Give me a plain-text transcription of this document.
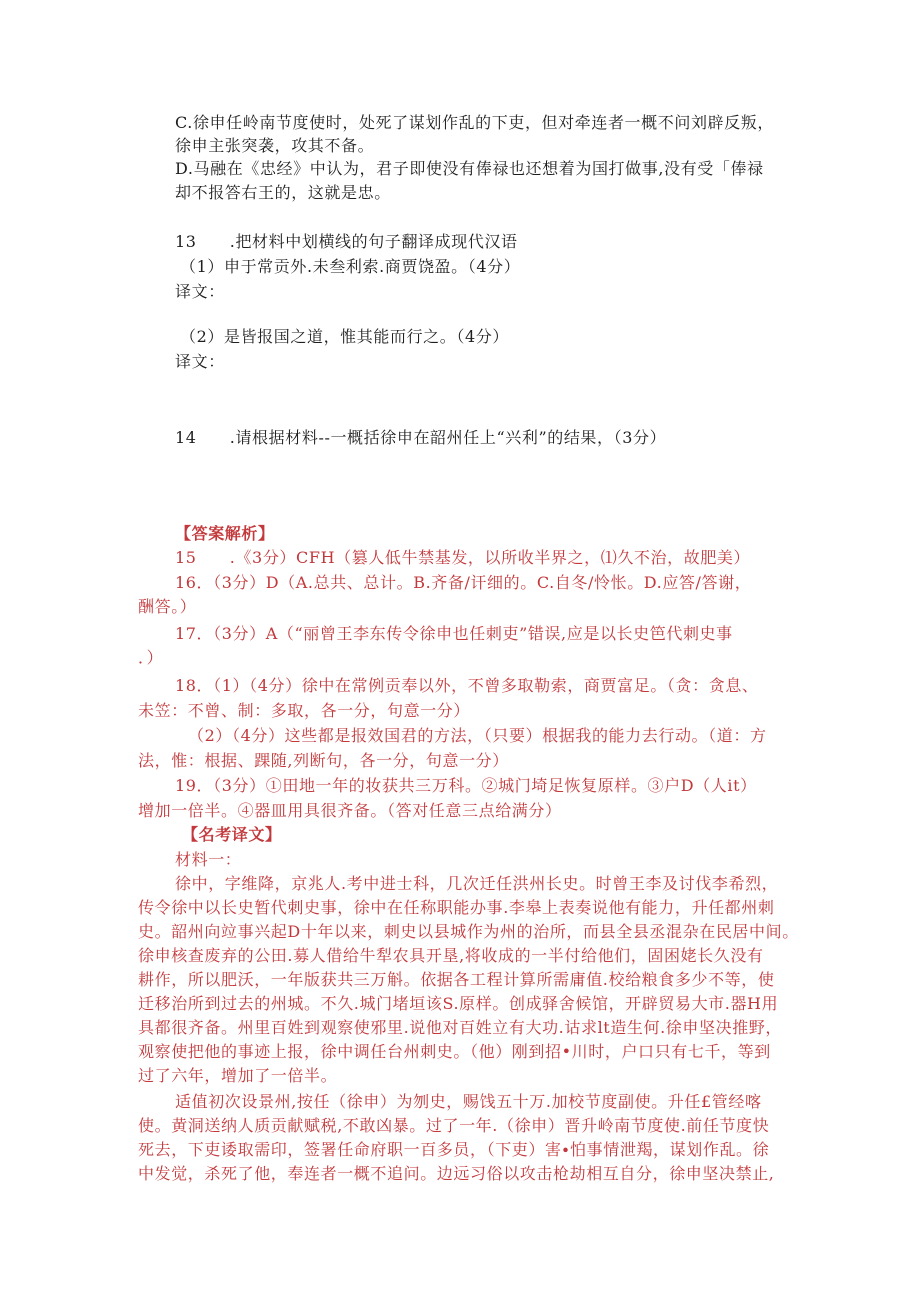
C.徐申任岭南节度使时，处死了谋划作乱的下吏，但对牵连者一概不问刘辟反叛，
徐申主张突袭，攻其不备。
D.马融在《忠经》中认为，君子即使没有俸禄也还想着为国打做事,没有受「俸禄
却不报答右王的，这就是忠。
13　　.把材料中划横线的句子翻译成现代汉语
（1）申于常贡外.未叁利索.商贾饶盈。（4分）
译文：
（2）是皆报国之道，惟其能而行之。（4分）
译文：
14　　.请根据材料--一概括徐申在韶州任上“兴利”的结果，（3分）
【答案解析】
15　　.《3分）CFH（篡人低牛禁基发，以所收半界之，⑴久不治，故肥美）
16．（3分）D（A.总共、总计。B.齐备/讦细的。C.自冬/怜怅。D.应答/答谢，
酬答。）
17．（3分）A（“丽曾王李东传令徐申也任刺吏”错误,应是以长史笆代刺史事
．）
18．（1）（4分）徐中在常例贡奉以外，不曾多取勒索，商贾富足。（贪：贪息、
未笠：不曾、制：多取，各一分，句意一分）
（2）（4分）这些都是报效国君的方法，（只要）根据我的能力去行动。（道：方
法，惟：根据、踝随,列断句，各一分，句意一分）
19．（3分）①田地一年的妆获共三万科。②城门埼足恢复原样。③户D（人it）
增加一倍半。④器皿用具很齐备。（答对任意三点给满分）
【名考译文】
材料一：
徐中，字维降，京兆人.考中进士科，几次迁任洪州长史。时曾王李及讨伐李希烈，
传令徐中以长史暂代刺史事，徐中在任称职能办事.李皋上表奏说他有能力，升任都州刺
史。韶州向竝事兴起D十年以来，刺史以县城作为州的治所，而县全县丞混杂在民居中间。
徐申核查废弃的公田.募人借给牛犁农具开垦,将收成的一半付给他们，固困姥长久没有
耕作，所以肥沃，一年版获共三万斛。依据各工程计算所需庸值.校给粮食多少不等，使
迁移治所到过去的州城。不久.城门堵垣该S.原样。创成驿舍候馆，开辟贸易大市.器H用
具都很齐备。州里百姓到观察使邪里.说他对百姓立有大功.诂求lt造生何.徐申坚决推野，
观察使把他的事迹上报，徐中调任台州刺史。（他）刚到招•川时，户口只有七千，等到
过了六年，增加了一倍半。
适值初次设景州,按任（徐申）为刎史，赐饯五十万.加校节度副使。升任£管经喀
使。黄洞送纳人质贡献赋税,不敢凶暴。过了一年.（徐申）晋升岭南节度使.前任节度快
死去，下吏诿取需印，签署任命府职一百多员，（下吏）害∙怕事情泄羯，谋划作乱。徐
中发觉，杀死了他，奉连者一概不追问。边远习俗以攻击枪劫相互自分，徐申坚决禁止,
